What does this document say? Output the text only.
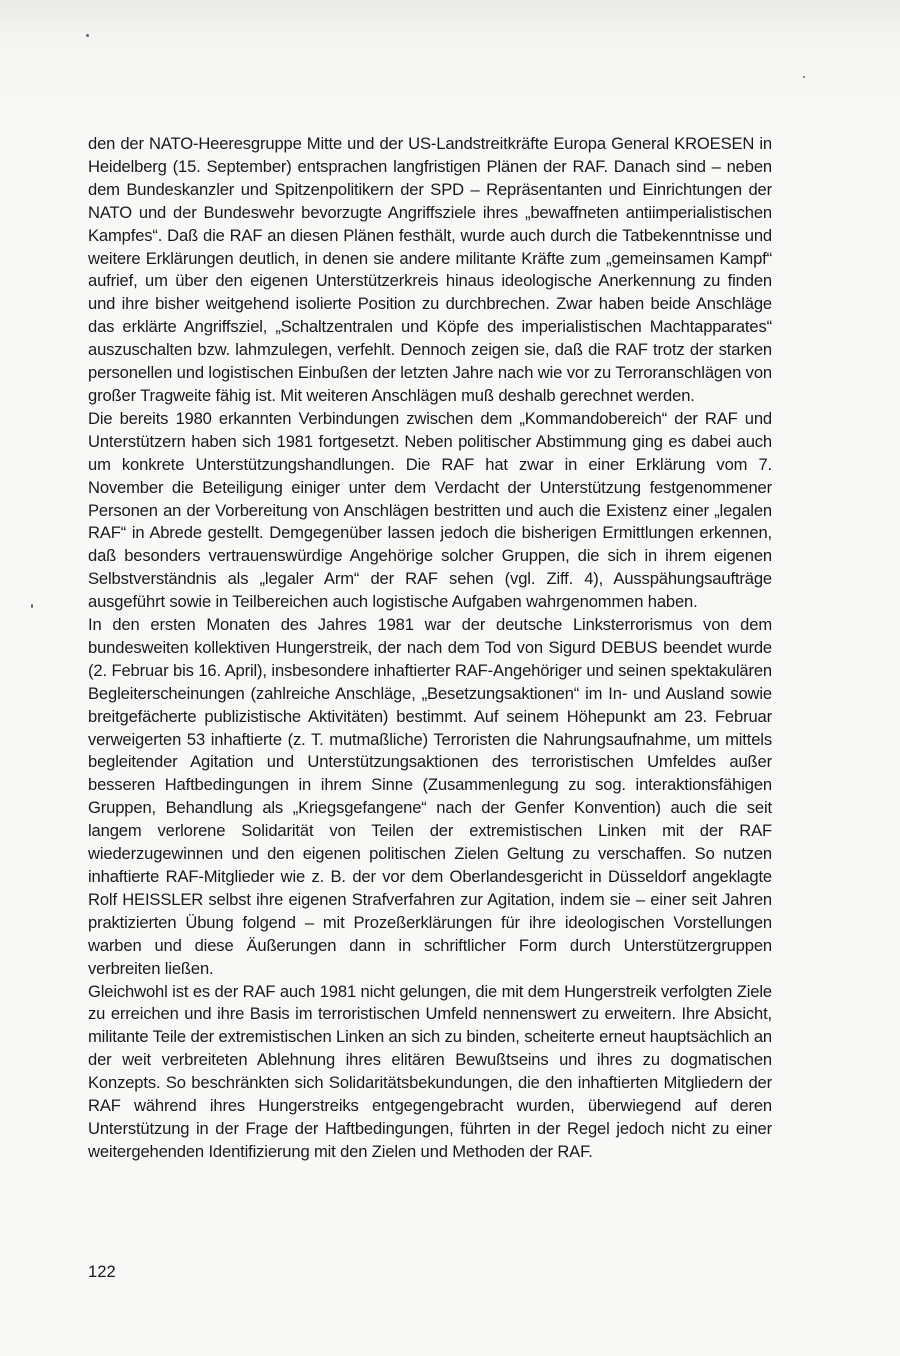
den der NATO-Heeresgruppe Mitte und der US-Landstreitkräfte Europa General KROESEN in Heidelberg (15. September) entsprachen langfristigen Plänen der RAF. Danach sind – neben dem Bundeskanzler und Spitzenpolitikern der SPD – Repräsentanten und Einrichtungen der NATO und der Bundeswehr bevorzugte Angriffsziele ihres „bewaffneten antiimperialistischen Kampfes“. Daß die RAF an diesen Plänen festhält, wurde auch durch die Tatbekenntnisse und weitere Erklärungen deutlich, in denen sie andere militante Kräfte zum „gemeinsamen Kampf“ aufrief, um über den eigenen Unterstützerkreis hinaus ideologische Anerkennung zu finden und ihre bisher weitgehend isolierte Position zu durchbrechen. Zwar haben beide Anschläge das erklärte Angriffsziel, „Schaltzentralen und Köpfe des imperialistischen Machtapparates“ auszuschalten bzw. lahmzulegen, verfehlt. Dennoch zeigen sie, daß die RAF trotz der starken personellen und logistischen Einbußen der letzten Jahre nach wie vor zu Terroranschlägen von großer Tragweite fähig ist. Mit weiteren Anschlägen muß deshalb gerechnet werden.

Die bereits 1980 erkannten Verbindungen zwischen dem „Kommandobereich“ der RAF und Unterstützern haben sich 1981 fortgesetzt. Neben politischer Abstimmung ging es dabei auch um konkrete Unterstützungshandlungen. Die RAF hat zwar in einer Erklärung vom 7. November die Beteiligung einiger unter dem Verdacht der Unterstützung festgenommener Personen an der Vorbereitung von Anschlägen bestritten und auch die Existenz einer „legalen RAF“ in Abrede gestellt. Demgegenüber lassen jedoch die bisherigen Ermittlungen erkennen, daß besonders vertrauenswürdige Angehörige solcher Gruppen, die sich in ihrem eigenen Selbstverständnis als „legaler Arm“ der RAF sehen (vgl. Ziff. 4), Ausspähungsaufträge ausgeführt sowie in Teilbereichen auch logistische Aufgaben wahrgenommen haben.

In den ersten Monaten des Jahres 1981 war der deutsche Linksterrorismus von dem bundesweiten kollektiven Hungerstreik, der nach dem Tod von Sigurd DEBUS beendet wurde (2. Februar bis 16. April), insbesondere inhaftierter RAF-Angehöriger und seinen spektakulären Begleiterscheinungen (zahlreiche Anschläge, „Besetzungsaktionen“ im In- und Ausland sowie breitgefächerte publizistische Aktivitäten) bestimmt. Auf seinem Höhepunkt am 23. Februar verweigerten 53 inhaftierte (z. T. mutmaßliche) Terroristen die Nahrungsaufnahme, um mittels begleitender Agitation und Unterstützungsaktionen des terroristischen Umfeldes außer besseren Haftbedingungen in ihrem Sinne (Zusammenlegung zu sog. interaktionsfähigen Gruppen, Behandlung als „Kriegsgefangene“ nach der Genfer Konvention) auch die seit langem verlorene Solidarität von Teilen der extremistischen Linken mit der RAF wiederzugewinnen und den eigenen politischen Zielen Geltung zu verschaffen. So nutzen inhaftierte RAF-Mitglieder wie z. B. der vor dem Oberlandesgericht in Düsseldorf angeklagte Rolf HEISSLER selbst ihre eigenen Strafverfahren zur Agitation, indem sie – einer seit Jahren praktizierten Übung folgend – mit Prozeßerklärungen für ihre ideologischen Vorstellungen warben und diese Äußerungen dann in schriftlicher Form durch Unterstützergruppen verbreiten ließen.

Gleichwohl ist es der RAF auch 1981 nicht gelungen, die mit dem Hungerstreik verfolgten Ziele zu erreichen und ihre Basis im terroristischen Umfeld nennenswert zu erweitern. Ihre Absicht, militante Teile der extremistischen Linken an sich zu binden, scheiterte erneut hauptsächlich an der weit verbreiteten Ablehnung ihres elitären Bewußtseins und ihres zu dogmatischen Konzepts. So beschränkten sich Solidaritätsbekundungen, die den inhaftierten Mitgliedern der RAF während ihres Hungerstreiks entgegengebracht wurden, überwiegend auf deren Unterstützung in der Frage der Haftbedingungen, führten in der Regel jedoch nicht zu einer weitergehenden Identifizierung mit den Zielen und Methoden der RAF.

122
